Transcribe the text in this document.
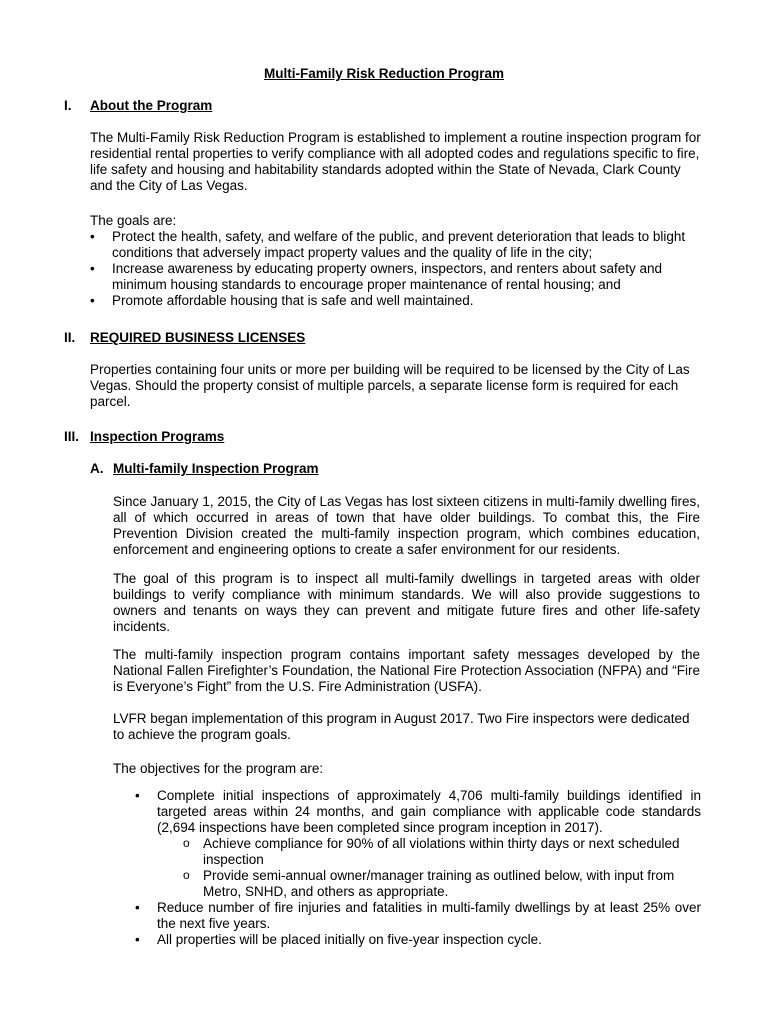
Multi-Family Risk Reduction Program
I. About the Program

The Multi-Family Risk Reduction Program is established to implement a routine inspection program for residential rental properties to verify compliance with all adopted codes and regulations specific to fire, life safety and housing and habitability standards adopted within the State of Nevada, Clark County and the City of Las Vegas.

The goals are:

• Protect the health, safety, and welfare of the public, and prevent deterioration that leads to blight conditions that adversely impact property values and the quality of life in the city;
• Increase awareness by educating property owners, inspectors, and renters about safety and minimum housing standards to encourage proper maintenance of rental housing; and
• Promote affordable housing that is safe and well maintained.
II. REQUIRED BUSINESS LICENSES

Properties containing four units or more per building will be required to be licensed by the City of Las Vegas. Should the property consist of multiple parcels, a separate license form is required for each parcel.

III. Inspection Programs
A. Multi-family Inspection Program

Since January 1, 2015, the City of Las Vegas has lost sixteen citizens in multi-family dwelling fires, all of which occurred in areas of town that have older buildings. To combat this, the Fire Prevention Division created the multi-family inspection program, which combines education, enforcement and engineering options to create a safer environment for our residents.

The goal of this program is to inspect all multi-family dwellings in targeted areas with older buildings to verify compliance with minimum standards. We will also provide suggestions to owners and tenants on ways they can prevent and mitigate future fires and other life-safety incidents.

The multi-family inspection program contains important safety messages developed by the National Fallen Firefighter’s Foundation, the National Fire Protection Association (NFPA) and “Fire is Everyone’s Fight” from the U.S. Fire Administration (USFA).

LVFR began implementation of this program in August 2017. Two Fire inspectors were dedicated to achieve the program goals.

The objectives for the program are:

• Complete initial inspections of approximately 4,706 multi-family buildings identified in targeted areas within 24 months, and gain compliance with applicable code standards (2,694 inspections have been completed since program inception in 2017).
o Achieve compliance for 90% of all violations within thirty days or next scheduled inspection
o Provide semi-annual owner/manager training as outlined below, with input from Metro, SNHD, and others as appropriate.
• Reduce number of fire injuries and fatalities in multi-family dwellings by at least 25% over the next five years.
• All properties will be placed initially on five-year inspection cycle.
